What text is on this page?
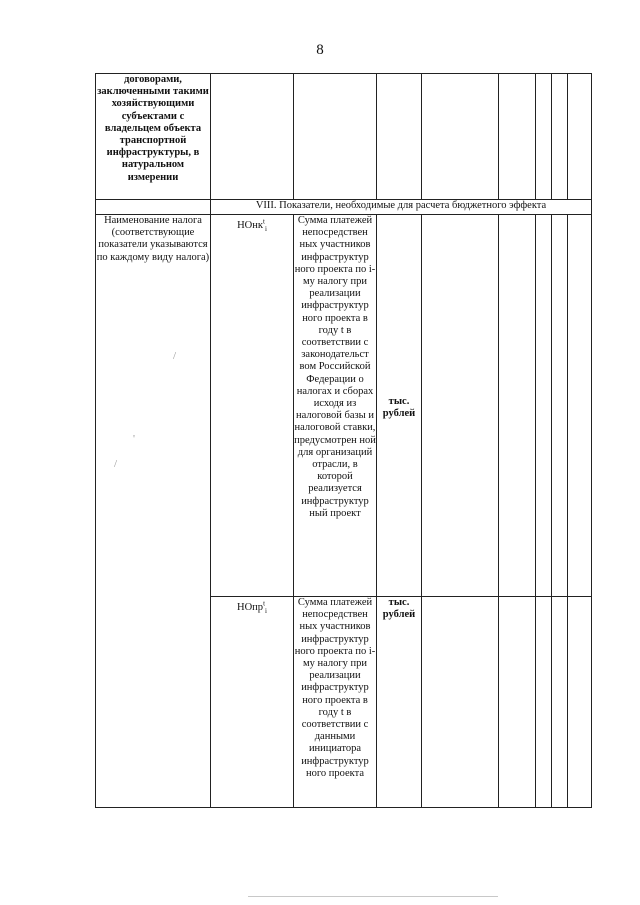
8
договорами, заключенными такими хозяйствующими субъектами с владельцем объекта транспортной инфраструктуры, в натуральном измерении								
	VIII. Показатели, необходимые для расчета бюджетного эффекта							
Наименование налога (соответствующие показатели указываются по каждому виду налога)	НОнк$^t_i$	Сумма платежей непосредствен ных участников инфраструктур ного проекта по i-му налогу при реализации инфраструктур ного проекта в году t в соответствии с законодательст вом Российской Федерации о налогах и сборах исходя из налоговой базы и налоговой ставки, предусмотрен ной для организаций отрасли, в которой реализуется инфраструктур ный проект	тыс. рублей					
	НОпр$^t_i$	Сумма платежей непосредствен ных участников инфраструктур ного проекта по i-му налогу при реализации инфраструктур ного проекта в году t в соответствии с данными инициатора инфраструктур ного проекта	тыс. рублей					
/
'
/
